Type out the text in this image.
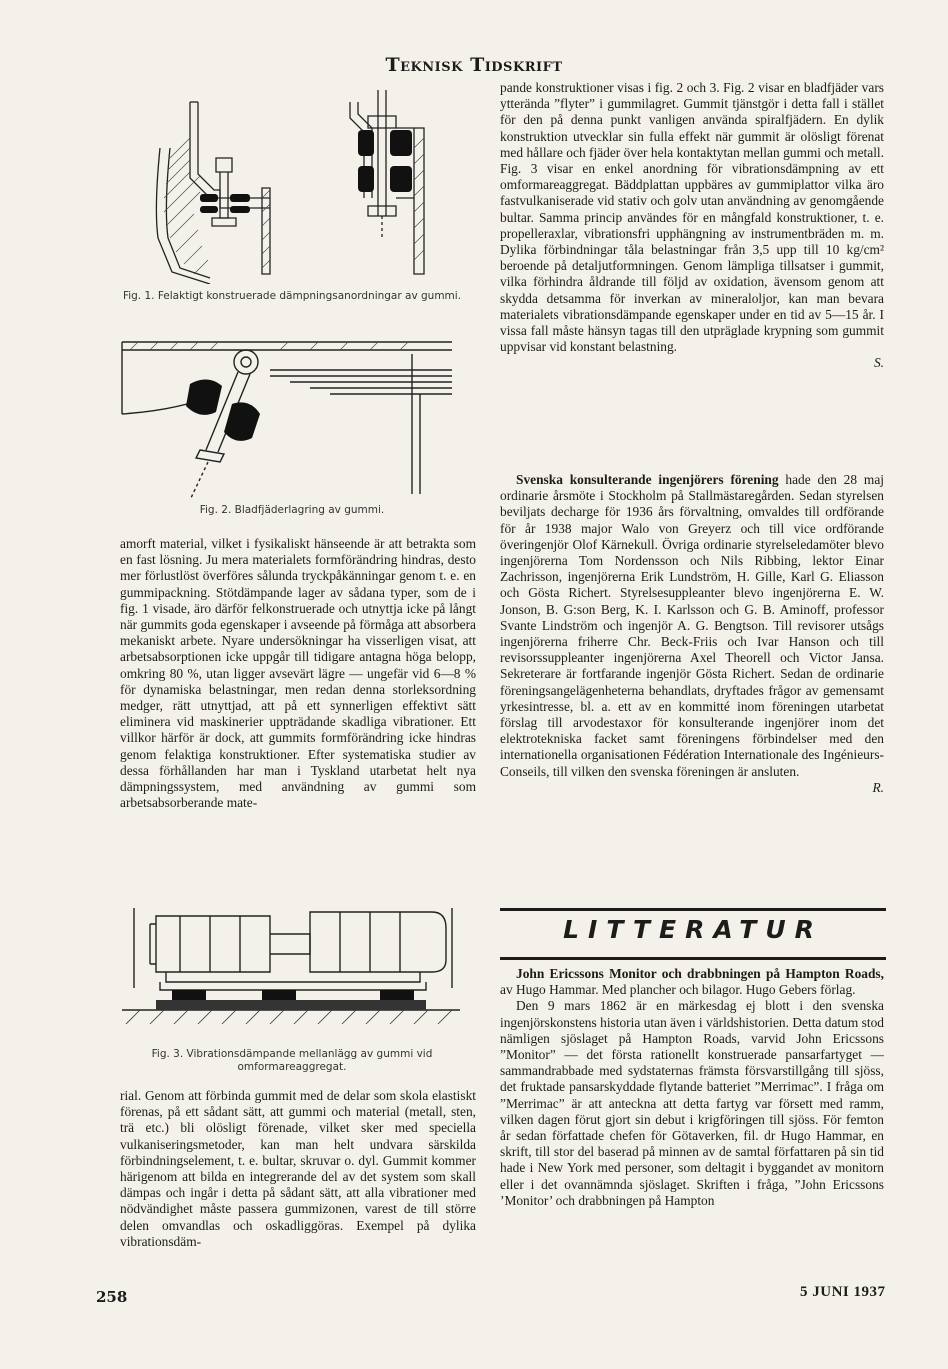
Teknisk Tidskrift
Fig. 1. Felaktigt konstruerade dämpningsanordningar av gummi.
Fig. 2. Bladfjäderlagring av gummi.

amorft material, vilket i fysikaliskt hänseende är att betrakta som en fast lösning. Ju mera materialets formförändring hindras, desto mer förlustlöst överföres sålunda tryckpåkänningar genom t. e. en gummipackning. Stötdämpande lager av sådana typer, som de i fig. 1 visade, äro därför felkonstruerade och utnyttja icke på långt när gummits goda egenskaper i avseende på förmåga att absorbera mekaniskt arbete. Nyare undersökningar ha visserligen visat, att arbetsabsorptionen icke uppgår till tidigare antagna höga belopp, omkring 80 %, utan ligger avsevärt lägre — ungefär vid 6—8 % för dynamiska belastningar, men redan denna storleksordning medger, rätt utnyttjad, att på ett synnerligen effektivt sätt eliminera vid maskinerier uppträdande skadliga vibrationer. Ett villkor härför är dock, att gummits formförändring icke hindras genom felaktiga konstruktioner. Efter systematiska studier av dessa förhållanden har man i Tyskland utarbetat helt nya dämpningssystem, med användning av gummi som arbetsabsorberande mate-

Fig. 3. Vibrationsdämpande mellanlägg av gummi vid omformareaggregat.

rial. Genom att förbinda gummit med de delar som skola elastiskt förenas, på ett sådant sätt, att gummi och material (metall, sten, trä etc.) bli olösligt förenade, vilket sker med speciella vulkaniseringsmetoder, kan man helt undvara särskilda förbindningselement, t. e. bultar, skruvar o. dyl. Gummit kommer härigenom att bilda en integrerande del av det system som skall dämpas och ingår i detta på sådant sätt, att alla vibrationer med nödvändighet måste passera gummizonen, varest de till större delen omvandlas och oskadliggöras. Exempel på dylika vibrationsdäm-

pande konstruktioner visas i fig. 2 och 3. Fig. 2 visar en bladfjäder vars ytterända ”flyter” i gummilagret. Gummit tjänstgör i detta fall i stället för den på denna punkt vanligen använda spiralfjädern. En dylik konstruktion utvecklar sin fulla effekt när gummit är olösligt förenat med hållare och fjäder över hela kontaktytan mellan gummi och metall. Fig. 3 visar en enkel anordning för vibrationsdämpning av ett omformareaggregat. Bäddplattan uppbäres av gummiplattor vilka äro fastvulkaniserade vid stativ och golv utan användning av genomgående bultar. Samma princip användes för en mångfald konstruktioner, t. e. propelleraxlar, vibrationsfri upphängning av instrumentbräden m. m. Dylika förbindningar tåla belastningar från 3,5 upp till 10 kg/cm² beroende på detaljutformningen. Genom lämpliga tillsatser i gummit, vilka förhindra åldrande till följd av oxidation, ävensom genom att skydda detsamma för inverkan av mineraloljor, kan man bevara materialets vibrationsdämpande egenskaper under en tid av 5—15 år. I vissa fall måste hänsyn tagas till den utpräglade krypning som gummit uppvisar vid konstant belastning.

S.

Svenska konsulterande ingenjörers förening hade den 28 maj ordinarie årsmöte i Stockholm på Stallmästaregården. Sedan styrelsen beviljats decharge för 1936 års förvaltning, omvaldes till ordförande för år 1938 major Walo von Greyerz och till vice ordförande överingenjör Olof Kärnekull. Övriga ordinarie styrelseledamöter blevo ingenjörerna Tom Nordensson och Nils Ribbing, lektor Einar Zachrisson, ingenjörerna Erik Lundström, H. Gille, Karl G. Eliasson och Gösta Richert. Styrelsesuppleanter blevo ingenjörerna E. W. Jonson, B. G:son Berg, K. I. Karlsson och G. B. Aminoff, professor Svante Lindström och ingenjör A. G. Bengtson. Till revisorer utsågs ingenjörerna friherre Chr. Beck-Friis och Ivar Hanson och till revisorssuppleanter ingenjörerna Axel Theorell och Victor Jansa. Sekreterare är fortfarande ingenjör Gösta Richert. Sedan de ordinarie föreningsangelägenheterna behandlats, dryftades frågor av gemensamt yrkesintresse, bl. a. ett av en kommitté inom föreningen utarbetat förslag till arvodestaxor för konsulterande ingenjörer inom det elektrotekniska facket samt föreningens förbindelser med den internationella organisationen Fédération Internationale des Ingénieurs-Conseils, till vilken den svenska föreningen är ansluten.

R.

LITTERATUR

John Ericssons Monitor och drabbningen på Hampton Roads, av Hugo Hammar. Med plancher och bilagor. Hugo Gebers förlag.

Den 9 mars 1862 är en märkesdag ej blott i den svenska ingenjörskonstens historia utan även i världshistorien. Detta datum stod nämligen sjöslaget på Hampton Roads, varvid John Ericssons ”Monitor” — det första rationellt konstruerade pansarfartyget — sammandrabbade med sydstaternas främsta försvarstillgång till sjöss, det fruktade pansarskyddade flytande batteriet ”Merrimac”. I fråga om ”Merrimac” är att anteckna att detta fartyg var försett med ramm, vilken dagen förut gjort sin debut i krigföringen till sjöss. För femton år sedan författade chefen för Götaverken, fil. dr Hugo Hammar, en skrift, till stor del baserad på minnen av de samtal författaren på sin tid hade i New York med personer, som deltagit i byggandet av monitorn eller i det ovannämnda sjöslaget. Skriften i fråga, ”John Ericssons ’Monitor’ och drabbningen på Hampton

258	5 JUNI 1937
